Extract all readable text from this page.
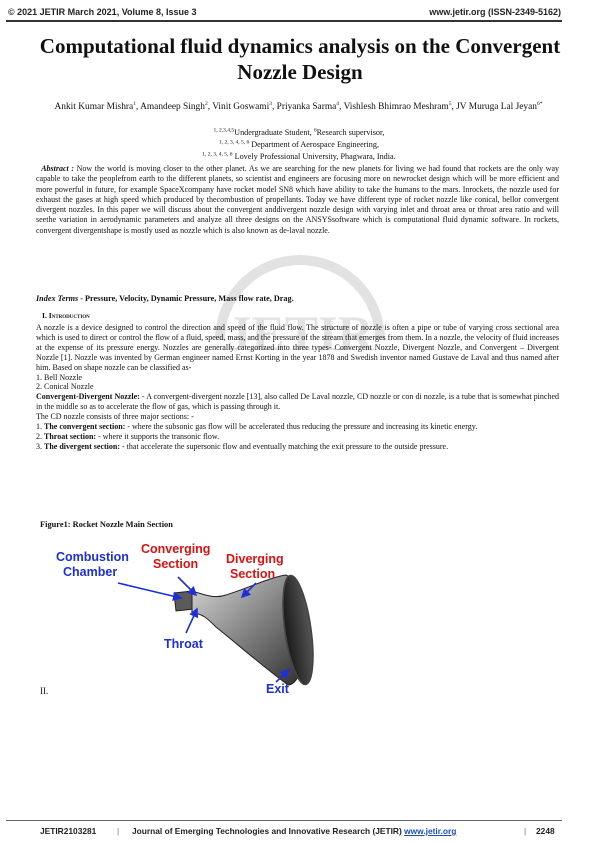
© 2021 JETIR March 2021, Volume 8, Issue 3	www.jetir.org (ISSN-2349-5162)
JETIR
Computational fluid dynamics analysis on the Convergent Nozzle Design
Ankit Kumar Mishra$^1$, Amandeep Singh$^2$, Vinit Goswami$^3$, Priyanka Sarma$^4$, Vishlesh Bhimrao Meshram$^5$, JV Muruga Lal Jeyan$^{6*}$
$^{1, 2,3,4,5}$Undergraduate Student, $^6$Research supervisor,
$^{1, 2, 3, 4, 5, 6}$ Department of Aerospace Engineering,
$^{1, 2, 3, 4, 5, 6}$ Lovely Professional University, Phagwara, India.
Abstract : Now the world is moving closer to the other planet. As we are searching for the new planets for living we had found that rockets are the only way capable to take the peoplefrom earth to the different planets, so scientist and engineers are focusing more on newrocket design which will be more efficient and more powerful in future, for example SpaceXcompany have rocket model SN8 which have ability to take the humans to the mars. Inrockets, the nozzle used for exhaust the gases at high speed which produced by thecombustion of propellants. Today we have different type of rocket nozzle like conical, bellor convergent divergent nozzles. In this paper we will discuss about the convergent anddivergent nozzle design with varying inlet and throat area or throat area ratio and will seethe variation in aerodynamic parameters and analyze all three designs on the ANSYSsoftware which is computational fluid dynamic software. In rockets, convergent divergentshape is mostly used as nozzle which is also known as de-laval nozzle.
Index Terms - Pressure, Velocity, Dynamic Pressure, Mass flow rate, Drag.
I. Introduction

A nozzle is a device designed to control the direction and speed of the fluid flow. The structure of nozzle is often a pipe or tube of varying cross sectional area which is used to direct or control the flow of a fluid, speed, mass, and the pressure of the stream that emerges from them. In a nozzle, the velocity of fluid increases at the expense of its pressure energy. Nozzles are generally categorized into three types- Convergent Nozzle, Divergent Nozzle, and Convergent – Divergent Nozzle [1]. Nozzle was invented by German engineer named Ernst Korting in the year 1878 and Swedish inventor named Gustave de Laval and thus named after him. Based on shape nozzle can be classified as-

1. Bell Nozzle

2. Conical Nozzle

Convergent-Divergent Nozzle: - A convergent-divergent nozzle [13], also called De Laval nozzle, CD nozzle or con di nozzle, is a tube that is somewhat pinched in the middle so as to accelerate the flow of gas, which is passing through it.

The CD nozzle consists of three major sections: -

1. The convergent section: - where the subsonic gas flow will be accelerated thus reducing the pressure and increasing its kinetic energy.

2. Throat section: - where it supports the transonic flow.

3. The divergent section: - that accelerate the supersonic flow and eventually matching the exit pressure to the outside pressure.

Figure1: Rocket Nozzle Main Section
Combustion
Chamber
Converging
Section Diverging
Section
Throat
Exit
II.
JETIR2103281 | Journal of Emerging Technologies and Innovative Research (JETIR) www.jetir.org	| 2248
